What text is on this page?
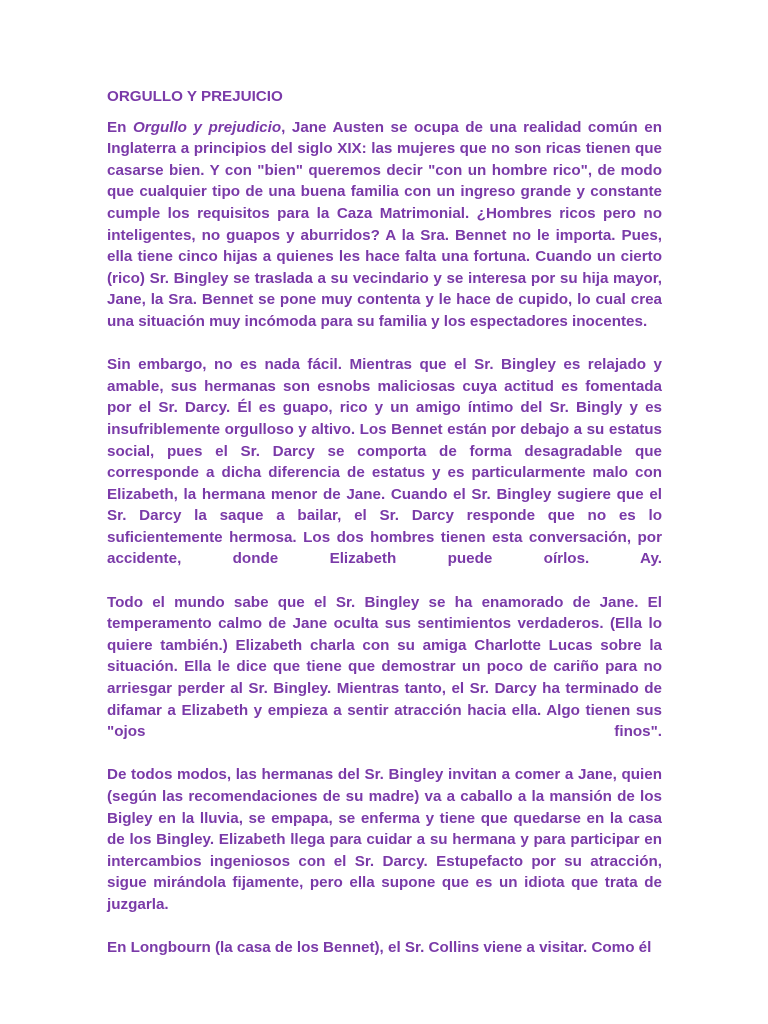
ORGULLO Y PREJUICIO

En Orgullo y prejudicio, Jane Austen se ocupa de una realidad común en Inglaterra a principios del siglo XIX: las mujeres que no son ricas tienen que casarse bien. Y con "bien" queremos decir "con un hombre rico", de modo que cualquier tipo de una buena familia con un ingreso grande y constante cumple los requisitos para la Caza Matrimonial. ¿Hombres ricos pero no inteligentes, no guapos y aburridos? A la Sra. Bennet no le importa. Pues, ella tiene cinco hijas a quienes les hace falta una fortuna. Cuando un cierto (rico) Sr. Bingley se traslada a su vecindario y se interesa por su hija mayor, Jane, la Sra. Bennet se pone muy contenta y le hace de cupido, lo cual crea una situación muy incómoda para su familia y los espectadores inocentes.

Sin embargo, no es nada fácil. Mientras que el Sr. Bingley es relajado y amable, sus hermanas son esnobs maliciosas cuya actitud es fomentada por el Sr. Darcy. Él es guapo, rico y un amigo íntimo del Sr. Bingly y es insufriblemente orgulloso y altivo. Los Bennet están por debajo a su estatus social, pues el Sr. Darcy se comporta de forma desagradable que corresponde a dicha diferencia de estatus y es particularmente malo con Elizabeth, la hermana menor de Jane. Cuando el Sr. Bingley sugiere que el Sr. Darcy la saque a bailar, el Sr. Darcy responde que no es lo suficientemente hermosa. Los dos hombres tienen esta conversación, por accidente, donde Elizabeth puede oírlos. Ay.

Todo el mundo sabe que el Sr. Bingley se ha enamorado de Jane. El temperamento calmo de Jane oculta sus sentimientos verdaderos. (Ella lo quiere también.) Elizabeth charla con su amiga Charlotte Lucas sobre la situación. Ella le dice que tiene que demostrar un poco de cariño para no arriesgar perder al Sr. Bingley. Mientras tanto, el Sr. Darcy ha terminado de difamar a Elizabeth y empieza a sentir atracción hacia ella. Algo tienen sus "ojos finos".

De todos modos, las hermanas del Sr. Bingley invitan a comer a Jane, quien (según las recomendaciones de su madre) va a caballo a la mansión de los Bigley en la lluvia, se empapa, se enferma y tiene que quedarse en la casa de los Bingley. Elizabeth llega para cuidar a su hermana y para participar en intercambios ingeniosos con el Sr. Darcy. Estupefacto por su atracción, sigue mirándola fijamente, pero ella supone que es un idiota que trata de juzgarla.

En Longbourn (la casa de los Bennet), el Sr. Collins viene a visitar. Como él
